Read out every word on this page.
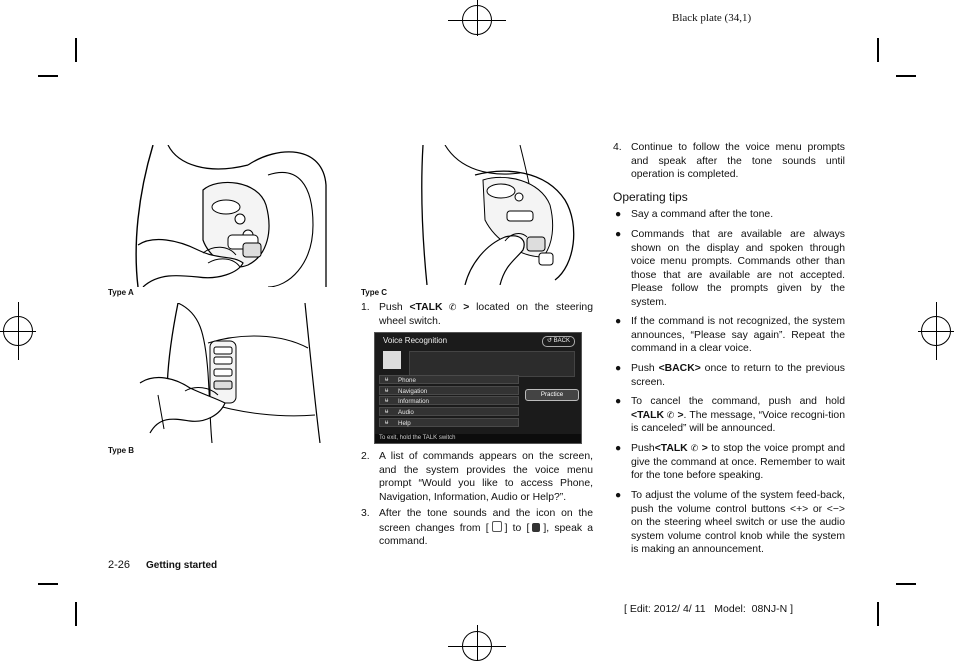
Black plate (34,1)
Type A
Type B
Type C
1. Push <TALK ✆ > located on the steering wheel switch.
Voice Recognition	↺ BACK
ᵾ Phone
ᵾ Navigation
ᵾ Information
ᵾ Audio
ᵾ Help
Practice
To exit, hold the TALK switch
2. A list of commands appears on the screen, and the system provides the voice menu prompt “Would you like to access Phone, Navigation, Information, Audio or Help?”.
3. After the tone sounds and the icon on the screen changes from [ ] to [ ], speak a command.
4. Continue to follow the voice menu prompts and speak after the tone sounds until operation is completed.
Operating tips
● Say a command after the tone.
● Commands that are available are always shown on the display and spoken through voice menu prompts. Commands other than those that are available are not accepted. Please follow the prompts given by the system.
● If the command is not recognized, the system announces, “Please say again”. Repeat the command in a clear voice.
● Push <BACK> once to return to the previous screen.
● To cancel the command, push and hold <TALK ✆ >. The message, “Voice recogni-tion is canceled” will be announced.
● Push<TALK ✆ > to stop the voice prompt and give the command at once. Remember to wait for the tone before speaking.
● To adjust the volume of the system feed-back, push the volume control buttons <+> or <−> on the steering wheel switch or use the audio system volume control knob while the system is making an announcement.
2-26 Getting started
[ Edit: 2012/ 4/ 11   Model:  08NJ-N ]
